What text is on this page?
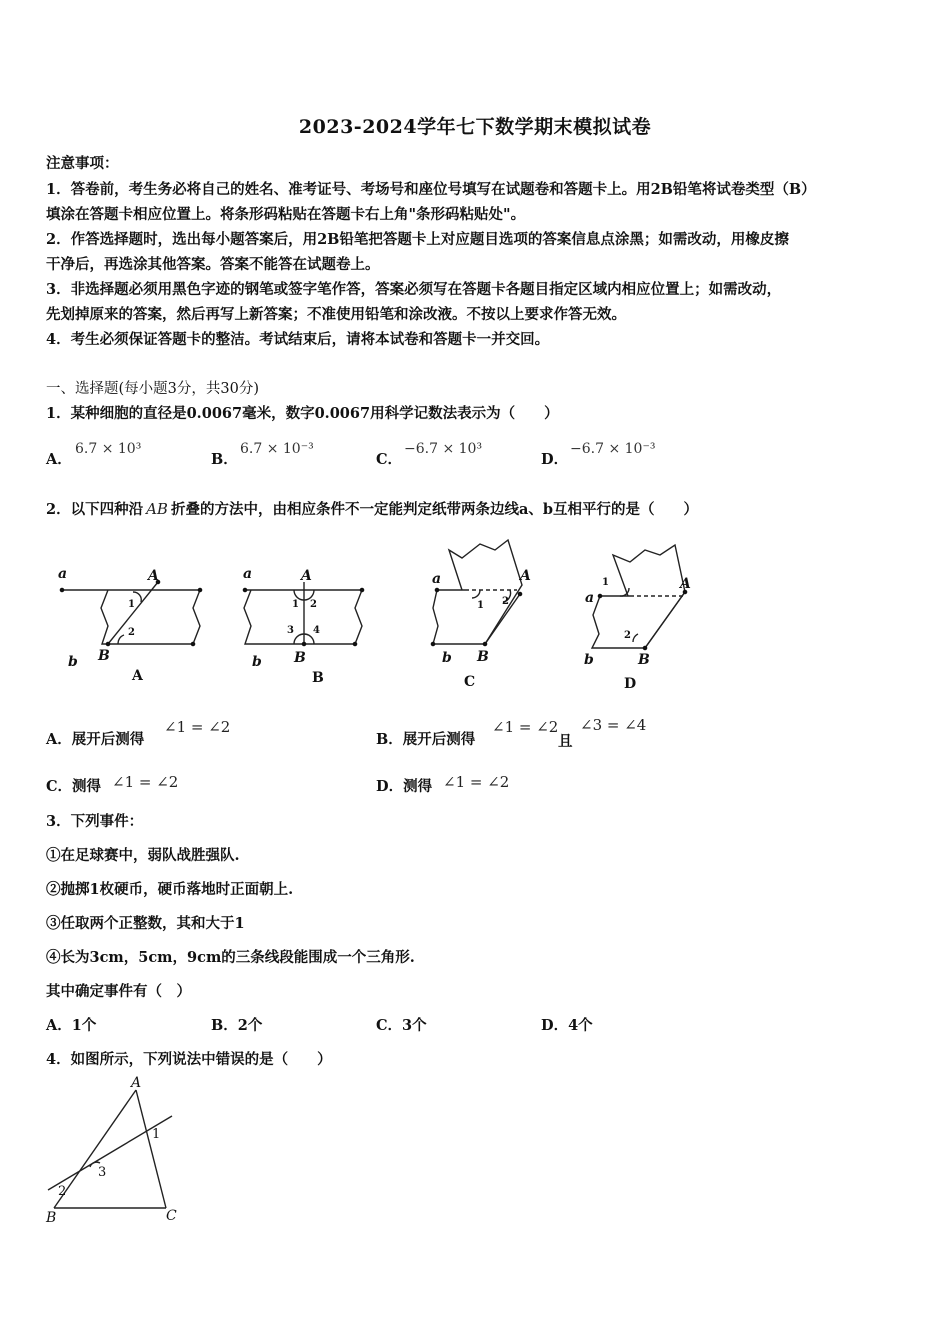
2023-2024学年七下数学期末模拟试卷
注意事项：
1．答卷前，考生务必将自己的姓名、准考证号、考场号和座位号填写在试题卷和答题卡上。用2B铅笔将试卷类型（B）
填涂在答题卡相应位置上。将条形码粘贴在答题卡右上角"条形码粘贴处"。
2．作答选择题时，选出每小题答案后，用2B铅笔把答题卡上对应题目选项的答案信息点涂黑；如需改动，用橡皮擦
干净后，再选涂其他答案。答案不能答在试题卷上。
3．非选择题必须用黑色字迹的钢笔或签字笔作答，答案必须写在答题卡各题目指定区域内相应位置上；如需改动，
先划掉原来的答案，然后再写上新答案；不准使用铅笔和涂改液。不按以上要求作答无效。
4．考生必须保证答题卡的整洁。考试结束后，请将本试卷和答题卡一并交回。
一、选择题(每小题3分，共30分)
1．某种细胞的直径是0.0067毫米，数字0.0067用科学记数法表示为（　　）
A．
6.7 × 10³
B．
6.7 × 10⁻³
C．
−6.7 × 10³
D．
−6.7 × 10⁻³
2．以下四种沿 AB 折叠的方法中，由相应条件不一定能判定纸带两条边线a、b互相平行的是（　　）
a
b
A
B
A
a
b
A
B
B
a
b
A
B
C
a
b
A
B
D
1
2
1 2
3 4
1 2
1
2
A．展开后测得
∠1 = ∠2
B．展开后测得
∠1 = ∠2
且
∠3 = ∠4
C．测得 ∠1 = ∠2	D．测得 ∠1 = ∠2
3．下列事件：
①在足球赛中，弱队战胜强队.
②抛掷1枚硬币，硬币落地时正面朝上.
③任取两个正整数，其和大于1
④长为3cm，5cm，9cm的三条线段能围成一个三角形.
其中确定事件有（　）
A．1个	B．2个	C．3个	D．4个
4．如图所示，下列说法中错误的是（　　）
A
B	C
1
2
3
